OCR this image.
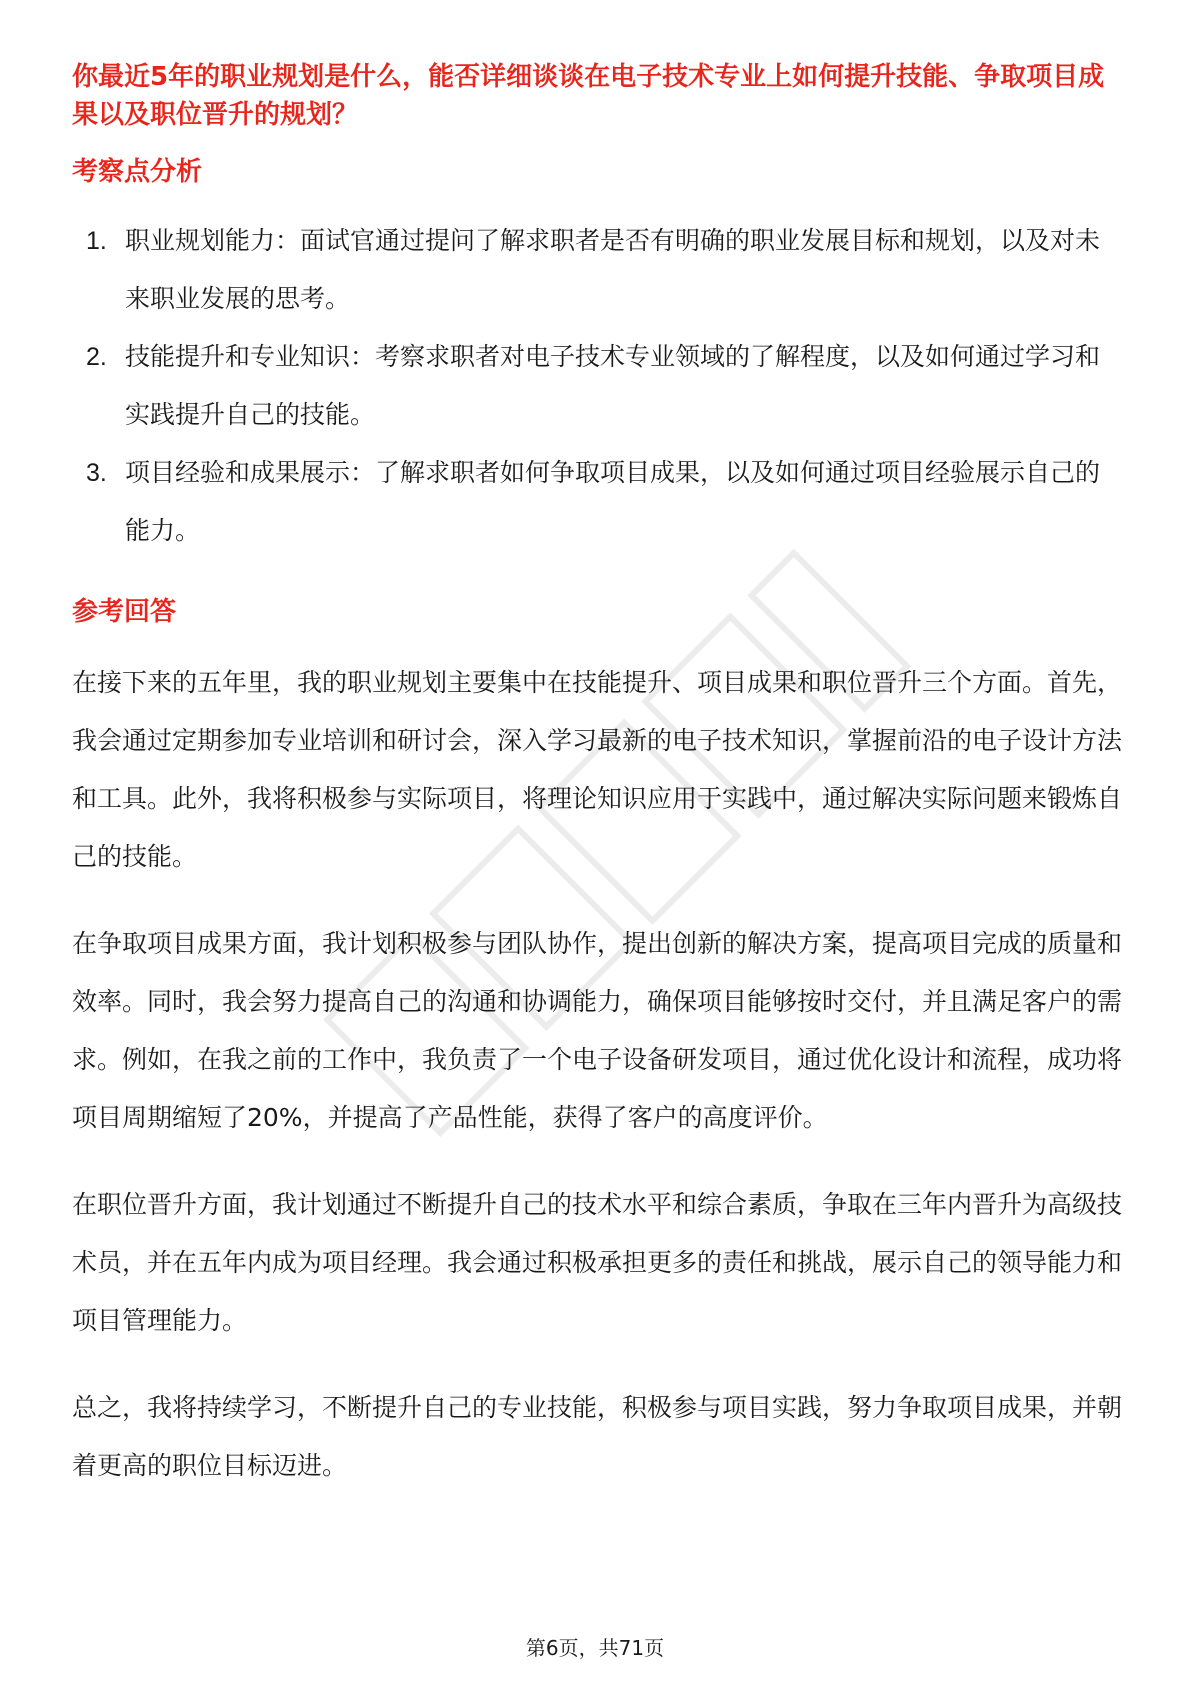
你最近5年的职业规划是什么，能否详细谈谈在电子技术专业上如何提升技能、争取项目成果以及职位晋升的规划？
考察点分析
1. 职业规划能力：面试官通过提问了解求职者是否有明确的职业发展目标和规划，以及对未来职业发展的思考。
2. 技能提升和专业知识：考察求职者对电子技术专业领域的了解程度，以及如何通过学习和实践提升自己的技能。
3. 项目经验和成果展示：了解求职者如何争取项目成果，以及如何通过项目经验展示自己的能力。
参考回答

在接下来的五年里，我的职业规划主要集中在技能提升、项目成果和职位晋升三个方面。首先，我会通过定期参加专业培训和研讨会，深入学习最新的电子技术知识，掌握前沿的电子设计方法和工具。此外，我将积极参与实际项目，将理论知识应用于实践中，通过解决实际问题来锻炼自己的技能。

在争取项目成果方面，我计划积极参与团队协作，提出创新的解决方案，提高项目完成的质量和效率。同时，我会努力提高自己的沟通和协调能力，确保项目能够按时交付，并且满足客户的需求。例如，在我之前的工作中，我负责了一个电子设备研发项目，通过优化设计和流程，成功将项目周期缩短了20%，并提高了产品性能，获得了客户的高度评价。

在职位晋升方面，我计划通过不断提升自己的技术水平和综合素质，争取在三年内晋升为高级技术员，并在五年内成为项目经理。我会通过积极承担更多的责任和挑战，展示自己的领导能力和项目管理能力。

总之，我将持续学习，不断提升自己的专业技能，积极参与项目实践，努力争取项目成果，并朝着更高的职位目标迈进。

第6页，共71页
